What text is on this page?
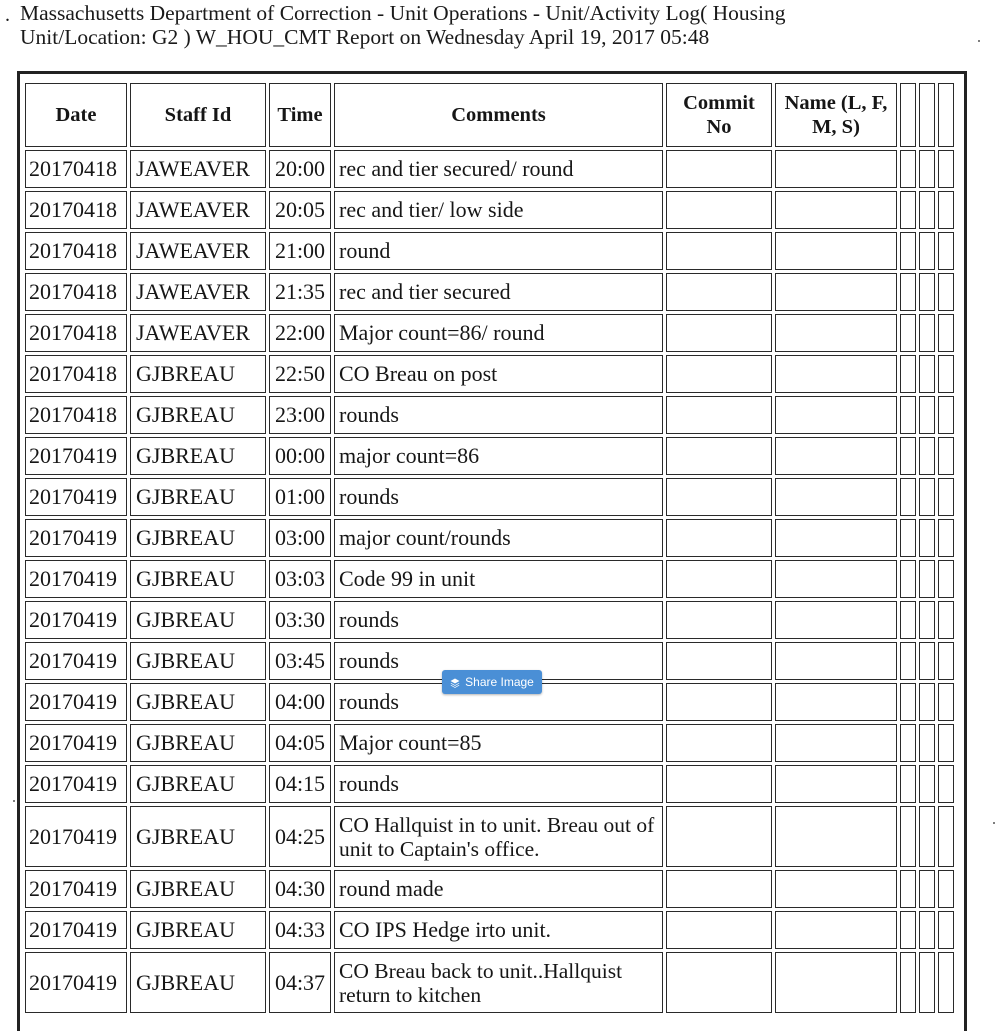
. Massachusetts Department of Correction - Unit Operations - Unit/Activity Log( Housing
Unit/Location: G2 ) W_HOU_CMT Report on Wednesday April 19, 2017 05:48
Date	Staff Id	Time	Comments	Commit No	Name (L, F, M, S)			
20170418	JAWEAVER	20:00	rec and tier secured/ round					
20170418	JAWEAVER	20:05	rec and tier/ low side					
20170418	JAWEAVER	21:00	round					
20170418	JAWEAVER	21:35	rec and tier secured					
20170418	JAWEAVER	22:00	Major count=86/ round					
20170418	GJBREAU	22:50	CO Breau on post					
20170418	GJBREAU	23:00	rounds					
20170419	GJBREAU	00:00	major count=86					
20170419	GJBREAU	01:00	rounds					
20170419	GJBREAU	03:00	major count/rounds					
20170419	GJBREAU	03:03	Code 99 in unit					
20170419	GJBREAU	03:30	rounds					
20170419	GJBREAU	03:45	rounds					
20170419	GJBREAU	04:00	rounds					
20170419	GJBREAU	04:05	Major count=85					
20170419	GJBREAU	04:15	rounds					
20170419	GJBREAU	04:25	CO Hallquist in to unit. Breau out of unit to Captain's office.					
20170419	GJBREAU	04:30	round made					
20170419	GJBREAU	04:33	CO IPS Hedge irto unit.					
20170419	GJBREAU	04:37	CO Breau back to unit..Hallquist return to kitchen					
Share Image
